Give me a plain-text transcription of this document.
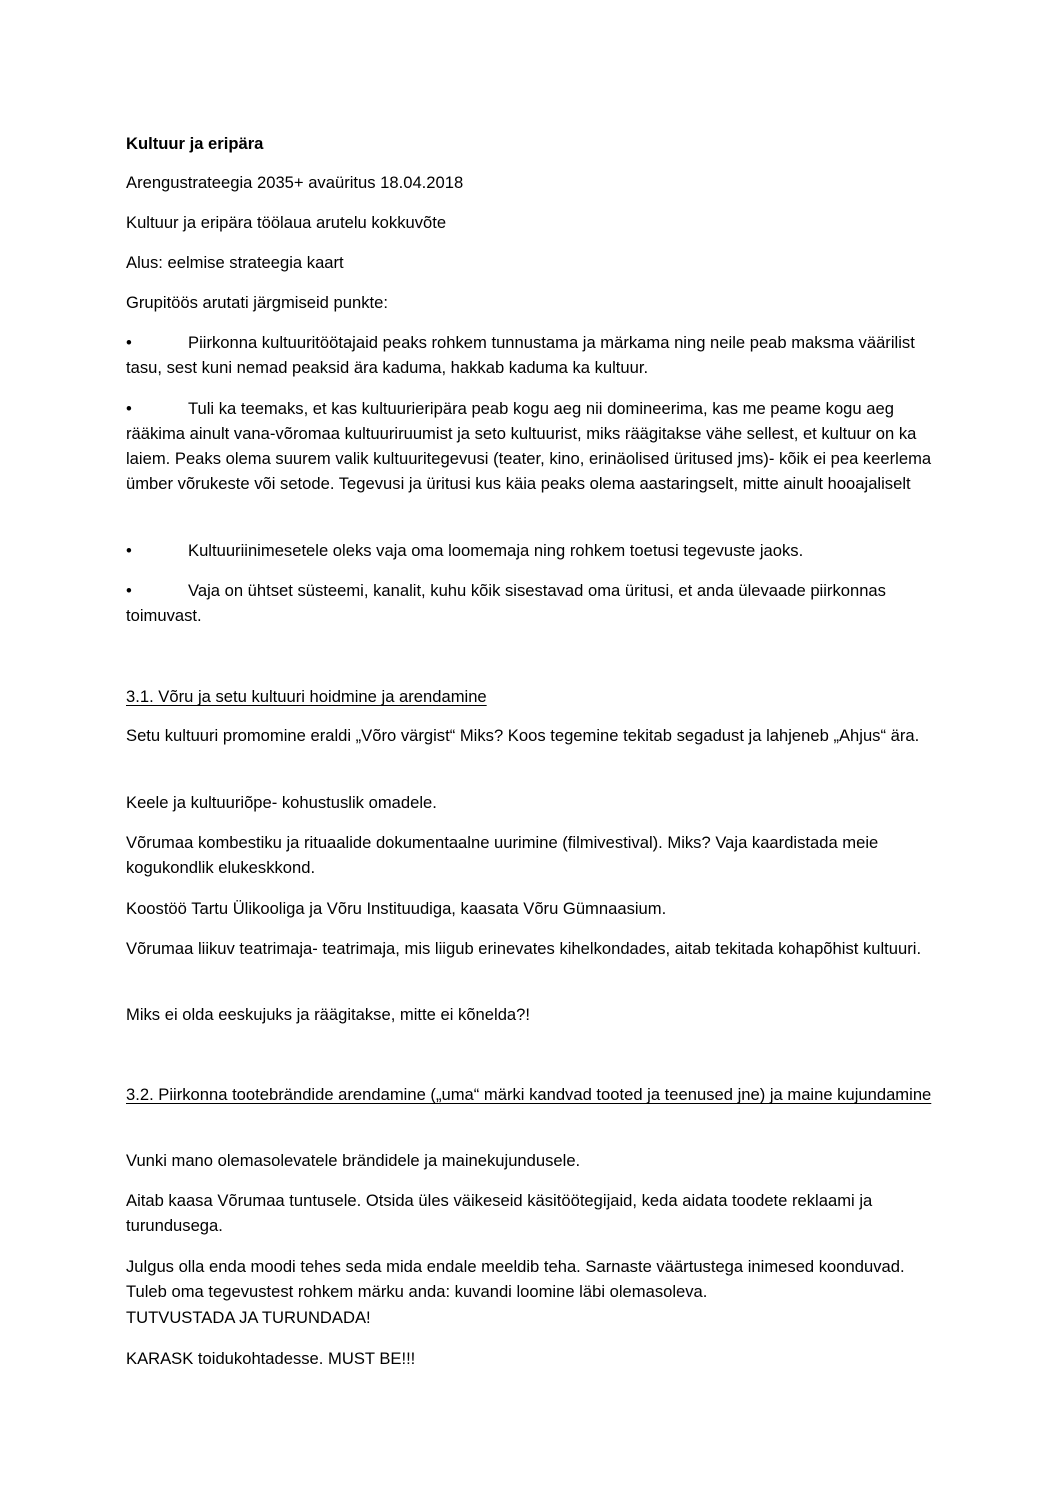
Kultuur ja eripära

Arengustrateegia 2035+ avaüritus 18.04.2018

Kultuur ja eripära töölaua arutelu kokkuvõte

Alus: eelmise strateegia kaart

Grupitöös arutati järgmiseid punkte:

•	Piirkonna kultuuritöötajaid peaks rohkem tunnustama ja märkama ning neile peab maksma väärilist tasu, sest kuni nemad peaksid ära kaduma, hakkab kaduma ka kultuur.
•	Tuli ka teemaks, et kas kultuurieripära peab kogu aeg nii domineerima, kas me peame kogu aeg rääkima ainult vana-võromaa kultuuriruumist ja seto kultuurist, miks räägitakse vähe sellest, et kultuur on ka laiem. Peaks olema suurem valik kultuuritegevusi (teater, kino, erinäolised üritused jms)- kõik ei pea keerlema ümber võrukeste või setode. Tegevusi ja üritusi kus käia peaks olema aastaringselt, mitte ainult hooajaliselt
•	Kultuuriinimesetele oleks vaja oma loomemaja ning rohkem toetusi tegevuste jaoks.
•	Vaja on ühtset süsteemi, kanalit, kuhu kõik sisestavad oma üritusi, et anda ülevaade piirkonnas toimuvast.

3.1. Võru ja setu kultuuri hoidmine ja arendamine

Setu kultuuri promomine eraldi „Võro värgist“ Miks? Koos tegemine tekitab segadust ja lahjeneb „Ahjus“ ära.

Keele ja kultuuriõpe- kohustuslik omadele.

Võrumaa kombestiku ja rituaalide dokumentaalne uurimine (filmivestival). Miks? Vaja kaardistada meie kogukondlik elukeskkond.

Koostöö Tartu Ülikooliga ja Võru Instituudiga, kaasata Võru Gümnaasium.

Võrumaa liikuv teatrimaja- teatrimaja, mis liigub erinevates kihelkondades, aitab tekitada kohapõhist kultuuri.

Miks ei olda eeskujuks ja räägitakse, mitte ei kõnelda?!

3.2. Piirkonna tootebrändide arendamine („uma“ märki kandvad tooted ja teenused jne) ja maine kujundamine

Vunki mano olemasolevatele brändidele ja mainekujundusele.

Aitab kaasa Võrumaa tuntusele. Otsida üles väikeseid käsitöötegijaid, keda aidata toodete reklaami ja turundusega.

Julgus olla enda moodi tehes seda mida endale meeldib teha. Sarnaste väärtustega inimesed koonduvad. Tuleb oma tegevustest rohkem märku anda: kuvandi loomine läbi olemasoleva.

TUTVUSTADA JA TURUNDADA!

KARASK toidukohtadesse. MUST BE!!!
